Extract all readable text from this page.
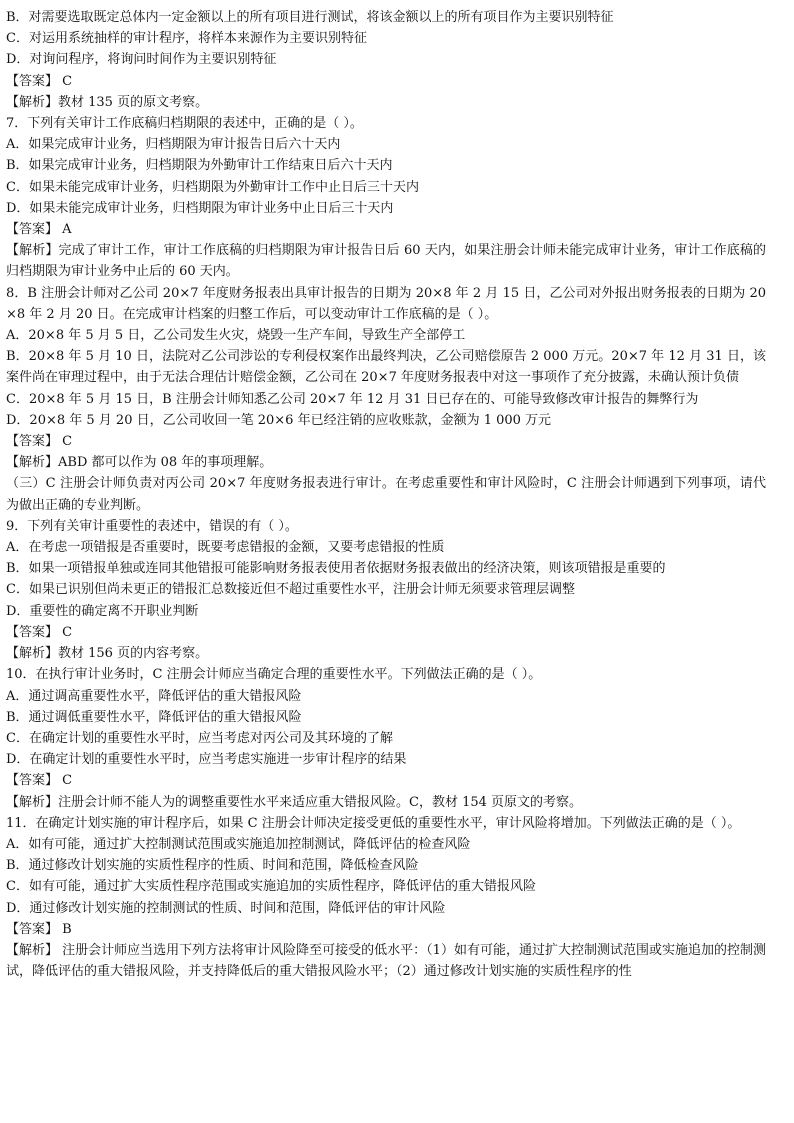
B．对需要选取既定总体内一定金额以上的所有项目进行测试，将该金额以上的所有项目作为主要识别特征

C．对运用系统抽样的审计程序，将样本来源作为主要识别特征

D．对询问程序，将询问时间作为主要识别特征

【答案】 C

【解析】教材 135 页的原文考察。

7．下列有关审计工作底稿归档期限的表述中，正确的是（ ）。

A．如果完成审计业务，归档期限为审计报告日后六十天内

B．如果完成审计业务，归档期限为外勤审计工作结束日后六十天内

C．如果未能完成审计业务，归档期限为外勤审计工作中止日后三十天内

D．如果未能完成审计业务，归档期限为审计业务中止日后三十天内

【答案】 A

【解析】完成了审计工作，审计工作底稿的归档期限为审计报告日后 60 天内，如果注册会计师未能完成审计业务，审计工作底稿的归档期限为审计业务中止后的 60 天内。

8．B 注册会计师对乙公司 20×7 年度财务报表出具审计报告的日期为 20×8 年 2 月 15 日，乙公司对外报出财务报表的日期为 20×8 年 2 月 20 日。在完成审计档案的归整工作后，可以变动审计工作底稿的是（ ）。

A．20×8 年 5 月 5 日，乙公司发生火灾，烧毁一生产车间，导致生产全部停工

B．20×8 年 5 月 10 日，法院对乙公司涉讼的专利侵权案作出最终判决，乙公司赔偿原告 2 000 万元。20×7 年 12 月 31 日，该案件尚在审理过程中，由于无法合理估计赔偿金额，乙公司在 20×7 年度财务报表中对这一事项作了充分披露，未确认预计负债

C．20×8 年 5 月 15 日，B 注册会计师知悉乙公司 20×7 年 12 月 31 日已存在的、可能导致修改审计报告的舞弊行为

D．20×8 年 5 月 20 日，乙公司收回一笔 20×6 年已经注销的应收账款，金额为 1 000 万元

【答案】 C

【解析】ABD 都可以作为 08 年的事项理解。

（三）C 注册会计师负责对丙公司 20×7 年度财务报表进行审计。在考虑重要性和审计风险时，C 注册会计师遇到下列事项，请代为做出正确的专业判断。

9．下列有关审计重要性的表述中，错误的有（ ）。

A．在考虑一项错报是否重要时，既要考虑错报的金额，又要考虑错报的性质

B．如果一项错报单独或连同其他错报可能影响财务报表使用者依据财务报表做出的经济决策，则该项错报是重要的

C．如果已识别但尚未更正的错报汇总数接近但不超过重要性水平，注册会计师无须要求管理层调整

D．重要性的确定离不开职业判断

【答案】 C

【解析】教材 156 页的内容考察。

10．在执行审计业务时，C 注册会计师应当确定合理的重要性水平。下列做法正确的是（ ）。

A．通过调高重要性水平，降低评估的重大错报风险

B．通过调低重要性水平，降低评估的重大错报风险

C．在确定计划的重要性水平时，应当考虑对丙公司及其环境的了解

D．在确定计划的重要性水平时，应当考虑实施进一步审计程序的结果

【答案】 C

【解析】注册会计师不能人为的调整重要性水平来适应重大错报风险。C，教材 154 页原文的考察。

11．在确定计划实施的审计程序后，如果 C 注册会计师决定接受更低的重要性水平，审计风险将增加。下列做法正确的是（ ）。

A．如有可能，通过扩大控制测试范围或实施追加控制测试，降低评估的检查风险

B．通过修改计划实施的实质性程序的性质、时间和范围，降低检查风险

C．如有可能，通过扩大实质性程序范围或实施追加的实质性程序，降低评估的重大错报风险

D．通过修改计划实施的控制测试的性质、时间和范围，降低评估的审计风险

【答案】 B

【解析】 注册会计师应当选用下列方法将审计风险降至可接受的低水平：（1）如有可能，通过扩大控制测试范围或实施追加的控制测试，降低评估的重大错报风险，并支持降低后的重大错报风险水平；（2）通过修改计划实施的实质性程序的性
